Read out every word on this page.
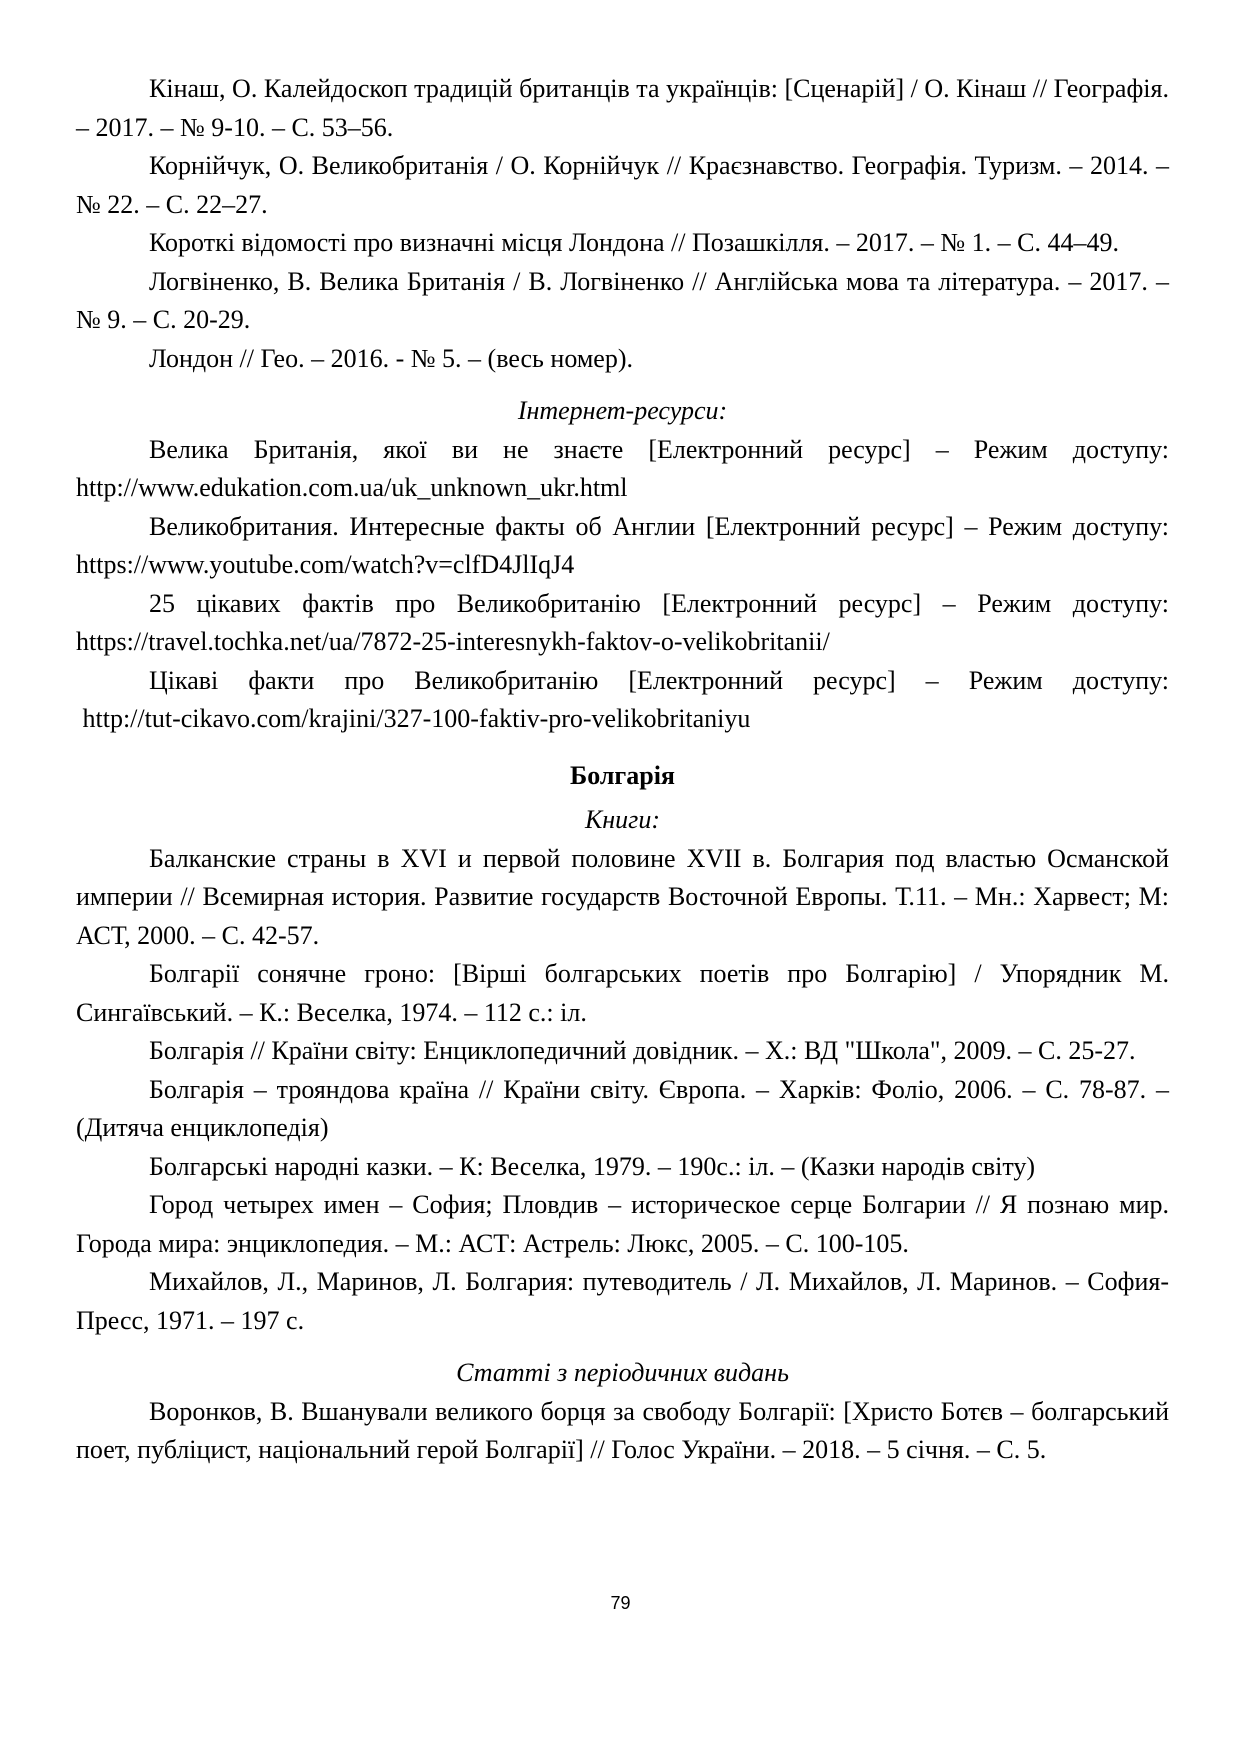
Кінаш, О. Калейдоскоп традицій британців та українців: [Сценарій] / О. Кінаш // Географія. – 2017. – № 9-10. – С. 53–56.

Корнійчук, О. Великобританія / О. Корнійчук // Краєзнавство. Географія. Туризм. – 2014. – № 22. – С. 22–27.

Короткі відомості про визначні місця Лондона // Позашкілля. – 2017. – № 1. – С. 44–49.

Логвіненко, В. Велика Британія / В. Логвіненко // Англійська мова та література. – 2017. – № 9. – С. 20-29.

Лондон // Гео. – 2016. - № 5. – (весь номер).

Інтернет-ресурси:

Велика Британія, якої ви не знаєте [Електронний ресурс] – Режим доступу: http://www.edukation.com.ua/uk_unknown_ukr.html

Великобритания. Интересные факты об Англии [Електронний ресурс] – Режим доступу: https://www.youtube.com/watch?v=clfD4JlIqJ4

25 цікавих фактів про Великобританію [Електронний ресурс] – Режим доступу: https://travel.tochka.net/ua/7872-25-interesnykh-faktov-o-velikobritanii/

Цікаві факти про Великобританію [Електронний ресурс] – Режим доступу:  http://tut-cikavo.com/krajini/327-100-faktiv-pro-velikobritaniyu

Болгарія

Книги:

Балканские страны в XVI и первой половине XVII в. Болгария под властью Османской империи // Всемирная история. Развитие государств Восточной Европы. Т.11. – Мн.: Харвест; М: АСТ, 2000. – С. 42-57.

Болгарії сонячне гроно: [Вірші болгарських поетів про Болгарію] / Упорядник М. Сингаївський. – К.: Веселка, 1974. – 112 с.: іл.

Болгарія // Країни світу: Енциклопедичний довідник. – Х.: ВД "Школа", 2009. – С. 25-27.

Болгарія – трояндова країна // Країни світу. Європа. – Харків: Фоліо, 2006. – С. 78-87. – (Дитяча енциклопедія)

Болгарські народні казки. – К: Веселка, 1979. – 190с.: іл. – (Казки народів світу)

Город четырех имен – София; Пловдив – историческое серце Болгарии // Я познаю мир. Города мира: энциклопедия. – М.: АСТ: Астрель: Люкс, 2005. – С. 100-105.

Михайлов, Л., Маринов, Л. Болгария: путеводитель / Л. Михайлов, Л. Маринов. – София-Пресс, 1971. – 197 с.

Статті з періодичних видань

Воронков, В. Вшанували великого борця за свободу Болгарії: [Христо Ботєв – болгарський поет, публіцист, національний герой Болгарії] // Голос України. – 2018. – 5 січня. – С. 5.

79
